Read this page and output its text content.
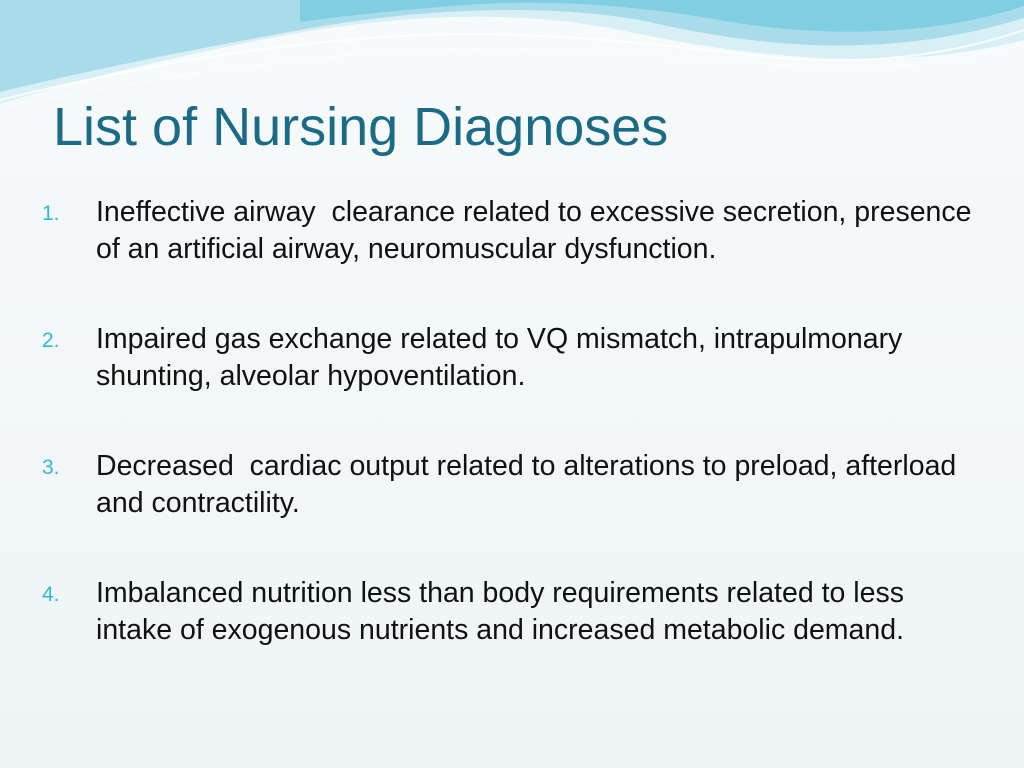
List of Nursing Diagnoses
1.	Ineffective airway  clearance related to excessive secretion, presence of an artificial airway, neuromuscular dysfunction.
2.	Impaired gas exchange related to VQ mismatch, intrapulmonary shunting, alveolar hypoventilation.
3.	Decreased  cardiac output related to alterations to preload, afterload and contractility.
4.	Imbalanced nutrition less than body requirements related to less intake of exogenous nutrients and increased metabolic demand.
